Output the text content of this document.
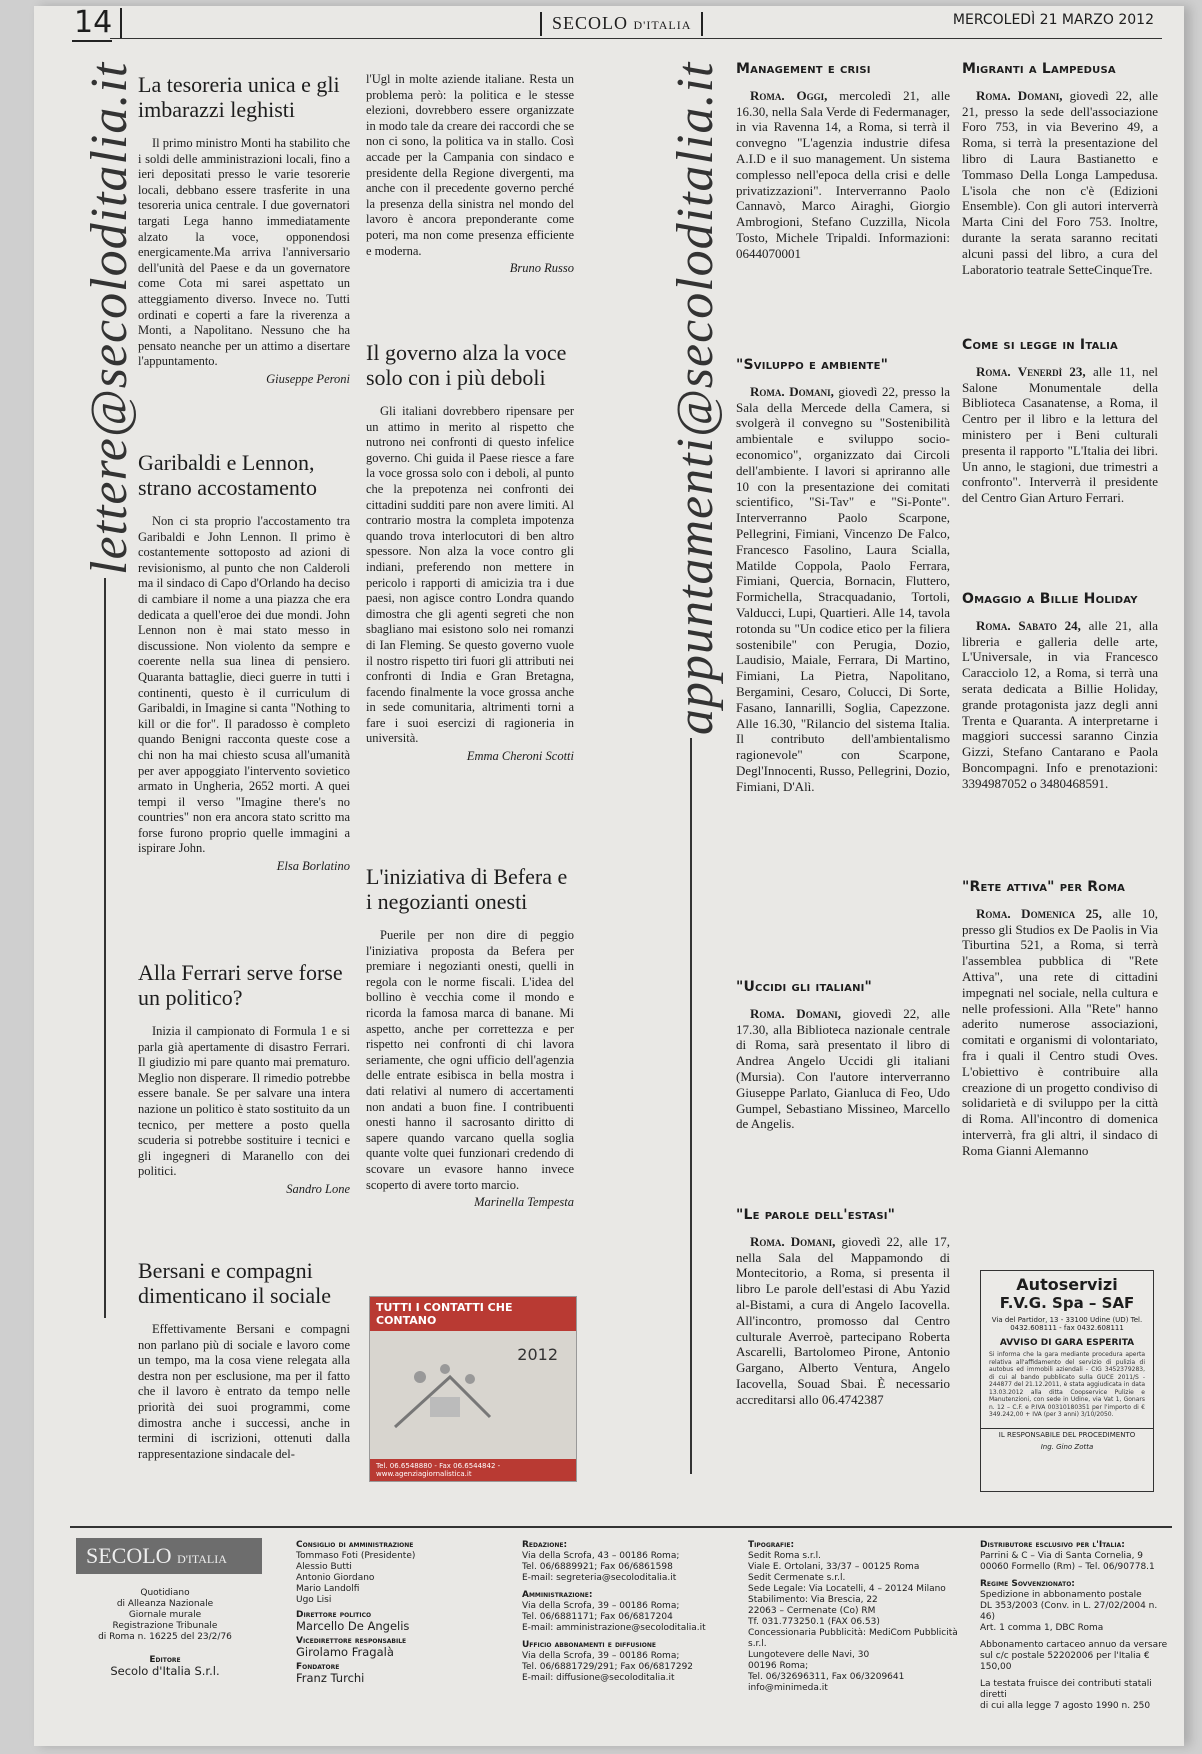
14	SECOLO D'ITALIA	MERCOLEDÌ 21 MARZO 2012
lettere@secoloditalia.it	appuntamenti@secoloditalia.it
La tesoreria unica e gli imbarazzi leghisti

Il primo ministro Monti ha stabilito che i soldi delle amministrazioni locali, fino a ieri depositati presso le varie tesorerie locali, debbano essere trasferite in una tesoreria unica centrale. I due governatori targati Lega hanno immediatamente alzato la voce, opponendosi energicamente.Ma arriva l'anniversario dell'unità del Paese e da un governatore come Cota mi sarei aspettato un atteggiamento diverso. Invece no. Tutti ordinati e coperti a fare la riverenza a Monti, a Napolitano. Nessuno che ha pensato neanche per un attimo a disertare l'appuntamento.

Giuseppe Peroni
Garibaldi e Lennon, strano accostamento

Non ci sta proprio l'accostamento tra Garibaldi e John Lennon. Il primo è costantemente sottoposto ad azioni di revisionismo, al punto che non Calderoli ma il sindaco di Capo d'Orlando ha deciso di cambiare il nome a una piazza che era dedicata a quell'eroe dei due mondi. John Lennon non è mai stato messo in discussione. Non violento da sempre e coerente nella sua linea di pensiero. Quaranta battaglie, dieci guerre in tutti i continenti, questo è il curriculum di Garibaldi, in Imagine si canta "Nothing to kill or die for". Il paradosso è completo quando Benigni racconta queste cose a chi non ha mai chiesto scusa all'umanità per aver appoggiato l'intervento sovietico armato in Ungheria, 2652 morti. A quei tempi il verso "Imagine there's no countries" non era ancora stato scritto ma forse furono proprio quelle immagini a ispirare John.

Elsa Borlatino
Alla Ferrari serve forse un politico?

Inizia il campionato di Formula 1 e si parla già apertamente di disastro Ferrari. Il giudizio mi pare quanto mai prematuro. Meglio non disperare. Il rimedio potrebbe essere banale. Se per salvare una intera nazione un politico è stato sostituito da un tecnico, per mettere a posto quella scuderia si potrebbe sostituire i tecnici e gli ingegneri di Maranello con dei politici.

Sandro Lone
Bersani e compagni dimenticano il sociale

Effettivamente Bersani e compagni non parlano più di sociale e lavoro come un tempo, ma la cosa viene relegata alla destra non per esclusione, ma per il fatto che il lavoro è entrato da tempo nelle priorità dei suoi programmi, come dimostra anche i successi, anche in termini di iscrizioni, ottenuti dalla rappresentazione sindacale del-

l'Ugl in molte aziende italiane. Resta un problema però: la politica e le stesse elezioni, dovrebbero essere organizzate in modo tale da creare dei raccordi che se non ci sono, la politica va in stallo. Così accade per la Campania con sindaco e presidente della Regione divergenti, ma anche con il precedente governo perché la presenza della sinistra nel mondo del lavoro è ancora preponderante come poteri, ma non come presenza efficiente e moderna.

Bruno Russo
Il governo alza la voce solo con i più deboli

Gli italiani dovrebbero ripensare per un attimo in merito al rispetto che nutrono nei confronti di questo infelice governo. Chi guida il Paese riesce a fare la voce grossa solo con i deboli, al punto che la prepotenza nei confronti dei cittadini sudditi pare non avere limiti. Al contrario mostra la completa impotenza quando trova interlocutori di ben altro spessore. Non alza la voce contro gli indiani, preferendo non mettere in pericolo i rapporti di amicizia tra i due paesi, non agisce contro Londra quando dimostra che gli agenti segreti che non sbagliano mai esistono solo nei romanzi di Ian Fleming. Se questo governo vuole il nostro rispetto tiri fuori gli attributi nei confronti di India e Gran Bretagna, facendo finalmente la voce grossa anche in sede comunitaria, altrimenti torni a fare i suoi esercizi di ragioneria in università.

Emma Cheroni Scotti
L'iniziativa di Befera e i negozianti onesti

Puerile per non dire di peggio l'iniziativa proposta da Befera per premiare i negozianti onesti, quelli in regola con le norme fiscali. L'idea del bollino è vecchia come il mondo e ricorda la famosa marca di banane. Mi aspetto, anche per correttezza e per rispetto nei confronti di chi lavora seriamente, che ogni ufficio dell'agenzia delle entrate esibisca in bella mostra i dati relativi al numero di accertamenti non andati a buon fine. I contribuenti onesti hanno il sacrosanto diritto di sapere quando varcano quella soglia quante volte quei funzionari credendo di scovare un evasore hanno invece scoperto di avere torto marcio.

Marinella Tempesta
TUTTI I CONTATTI CHE CONTANO
2012
Tel. 06.6548880 - Fax 06.6544842 - www.agenziagiornalistica.it
Management e crisi

Roma. Oggi, mercoledì 21, alle 16.30, nella Sala Verde di Federmanager, in via Ravenna 14, a Roma, si terrà il convegno "L'agenzia industrie difesa A.I.D e il suo management. Un sistema complesso nell'epoca della crisi e delle privatizzazioni". Interverranno Paolo Cannavò, Marco Airaghi, Giorgio Ambrogioni, Stefano Cuzzilla, Nicola Tosto, Michele Tripaldi. Informazioni: 0644070001

"Sviluppo e ambiente"

Roma. Domani, giovedì 22, presso la Sala della Mercede della Camera, si svolgerà il convegno su "Sostenibilità ambientale e sviluppo socio-economico", organizzato dai Circoli dell'ambiente. I lavori si apriranno alle 10 con la presentazione dei comitati scientifico, "Si-Tav" e "Si-Ponte". Interverranno Paolo Scarpone, Pellegrini, Fimiani, Vincenzo De Falco, Francesco Fasolino, Laura Scialla, Matilde Coppola, Paolo Ferrara, Fimiani, Quercia, Bornacin, Fluttero, Formichella, Stracquadanio, Tortoli, Valducci, Lupi, Quartieri. Alle 14, tavola rotonda su "Un codice etico per la filiera sostenibile" con Perugia, Dozio, Laudisio, Maiale, Ferrara, Di Martino, Fimiani, La Pietra, Napolitano, Bergamini, Cesaro, Colucci, Di Sorte, Fasano, Iannarilli, Soglia, Capezzone. Alle 16.30, "Rilancio del sistema Italia. Il contributo dell'ambientalismo ragionevole" con Scarpone, Degl'Innocenti, Russo, Pellegrini, Dozio, Fimiani, D'Alì.

"Uccidi gli italiani"

Roma. Domani, giovedì 22, alle 17.30, alla Biblioteca nazionale centrale di Roma, sarà presentato il libro di Andrea Angelo Uccidi gli italiani (Mursia). Con l'autore interverranno Giuseppe Parlato, Gianluca di Feo, Udo Gumpel, Sebastiano Missineo, Marcello de Angelis.

"Le parole dell'estasi"

Roma. Domani, giovedì 22, alle 17, nella Sala del Mappamondo di Montecitorio, a Roma, si presenta il libro Le parole dell'estasi di Abu Yazid al-Bistami, a cura di Angelo Iacovella. All'incontro, promosso dal Centro culturale Averroè, partecipano Roberta Ascarelli, Bartolomeo Pirone, Antonio Gargano, Alberto Ventura, Angelo Iacovella, Souad Sbai. È necessario accreditarsi allo 06.4742387

Migranti a Lampedusa

Roma. Domani, giovedì 22, alle 21, presso la sede dell'associazione Foro 753, in via Beverino 49, a Roma, si terrà la presentazione del libro di Laura Bastianetto e Tommaso Della Longa Lampedusa. L'isola che non c'è (Edizioni Ensemble). Con gli autori interverrà Marta Cini del Foro 753. Inoltre, durante la serata saranno recitati alcuni passi del libro, a cura del Laboratorio teatrale SetteCinqueTre.

Come si legge in Italia

Roma. Venerdì 23, alle 11, nel Salone Monumentale della Biblioteca Casanatense, a Roma, il Centro per il libro e la lettura del ministero per i Beni culturali presenta il rapporto "L'Italia dei libri. Un anno, le stagioni, due trimestri a confronto". Interverrà il presidente del Centro Gian Arturo Ferrari.

Omaggio a Billie Holiday

Roma. Sabato 24, alle 21, alla libreria e galleria delle arte, L'Universale, in via Francesco Caracciolo 12, a Roma, si terrà una serata dedicata a Billie Holiday, grande protagonista jazz degli anni Trenta e Quaranta. A interpretarne i maggiori successi saranno Cinzia Gizzi, Stefano Cantarano e Paola Boncompagni. Info e prenotazioni: 3394987052 o 3480468591.

"Rete attiva" per Roma

Roma. Domenica 25, alle 10, presso gli Studios ex De Paolis in Via Tiburtina 521, a Roma, si terrà l'assemblea pubblica di "Rete Attiva", una rete di cittadini impegnati nel sociale, nella cultura e nelle professioni. Alla "Rete" hanno aderito numerose associazioni, comitati e organismi di volontariato, fra i quali il Centro studi Oves. L'obiettivo è contribuire alla creazione di un progetto condiviso di solidarietà e di sviluppo per la città di Roma. All'incontro di domenica interverrà, fra gli altri, il sindaco di Roma Gianni Alemanno

Autoservizi
F.V.G. Spa – SAF
Via del Partidor, 13 - 33100 Udine (UD) Tel. 0432.608111 - fax 0432.608111
AVVISO DI GARA ESPERITA
Si informa che la gara mediante procedura aperta relativa all'affidamento del servizio di pulizia di autobus ed immobili aziendali - CIG 3452379283, di cui al bando pubblicato sulla GUCE 2011/S - 244877 del 21.12.2011, è stata aggiudicata in data 13.03.2012 alla ditta Coopservice Pulizie e Manutenzioni, con sede in Udine, via Vat 1, Gonars n. 12 – C.F. e P.IVA 00310180351 per l'importo di € 349.242,00 + IVA (per 3 anni) 3/10/2050.
IL RESPONSABILE DEL PROCEDIMENTO
Ing. Gino Zotta
SECOLO D'ITALIA
Quotidiano
di Alleanza Nazionale
Giornale murale
Registrazione Tribunale
di Roma n. 16225 del 23/2/76
Editore
Secolo d'Italia S.r.l.
Consiglio di amministrazione
Tommaso Foti (Presidente)
Alessio Butti
Antonio Giordano
Mario Landolfi
Ugo Lisi
Direttore politico
Marcello De Angelis
Vicedirettore responsabile
Girolamo Fragalà
Fondatore
Franz Turchi
Redazione:
Via della Scrofa, 43 – 00186 Roma;
Tel. 06/6889921; Fax 06/6861598
E-mail: segreteria@secoloditalia.it
Amministrazione:
Via della Scrofa, 39 – 00186 Roma;
Tel. 06/6881171; Fax 06/6817204
E-mail: amministrazione@secoloditalia.it
Ufficio abbonamenti e diffusione
Via della Scrofa, 39 – 00186 Roma;
Tel. 06/6881729/291; Fax 06/6817292
E-mail: diffusione@secoloditalia.it
Tipografie:
Sedit Roma s.r.l.
Viale E. Ortolani, 33/37 – 00125 Roma
Sedit Cermenate s.r.l.
Sede Legale: Via Locatelli, 4 – 20124 Milano
Stabilimento: Via Brescia, 22
22063 – Cermenate (Co) RM
Tf. 031.773250.1 (FAX 06.53)
Concessionaria Pubblicità: MediCom Pubblicità s.r.l.
Lungotevere delle Navi, 30
00196 Roma;
Tel. 06/32696311, Fax 06/3209641
info@minimeda.it
Distributore esclusivo per l'Italia:
Parrini & C – Via di Santa Cornelia, 9
00060 Formello (Rm) – Tel. 06/90778.1
Regime Sovvenzionato:
Spedizione in abbonamento postale
DL 353/2003 (Conv. in L. 27/02/2004 n. 46)
Art. 1 comma 1, DBC Roma
Abbonamento cartaceo annuo da versare
sul c/c postale 52202006 per l'Italia € 150,00
La testata fruisce dei contributi statali diretti
di cui alla legge 7 agosto 1990 n. 250
